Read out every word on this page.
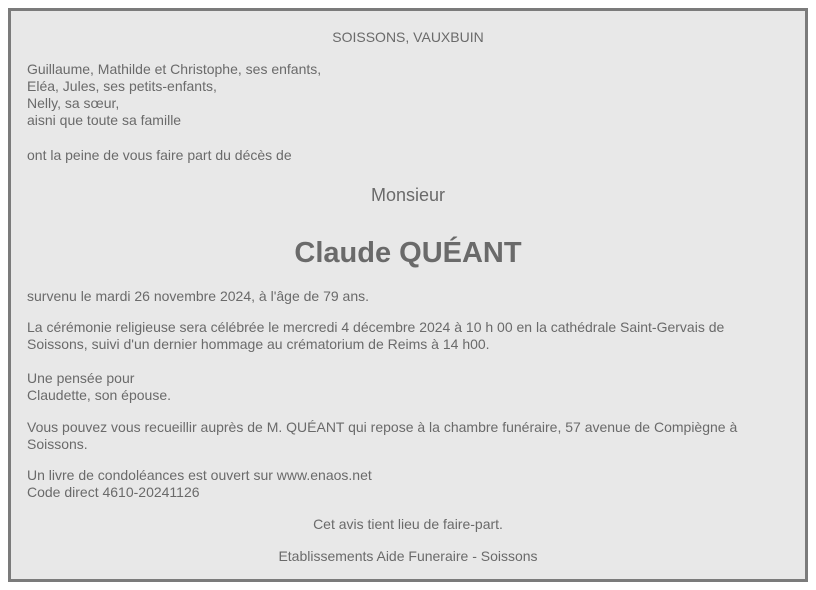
SOISSONS, VAUXBUIN
Guillaume, Mathilde et Christophe, ses enfants,
Eléa, Jules, ses petits-enfants,
Nelly, sa sœur,
aisni que toute sa famille
ont la peine de vous faire part du décès de
Monsieur
Claude QUÉANT
survenu le mardi 26 novembre 2024, à l'âge de 79 ans.
La cérémonie religieuse sera célébrée le mercredi 4 décembre 2024 à 10 h 00 en la cathédrale Saint-Gervais de
Soissons, suivi d'un dernier hommage au crématorium de Reims à 14 h00.
Une pensée pour
Claudette, son épouse.
Vous pouvez vous recueillir auprès de M. QUÉANT qui repose à la chambre funéraire, 57 avenue de Compiègne à
Soissons.
Un livre de condoléances est ouvert sur www.enaos.net
Code direct 4610-20241126
Cet avis tient lieu de faire-part.
Etablissements Aide Funeraire - Soissons
